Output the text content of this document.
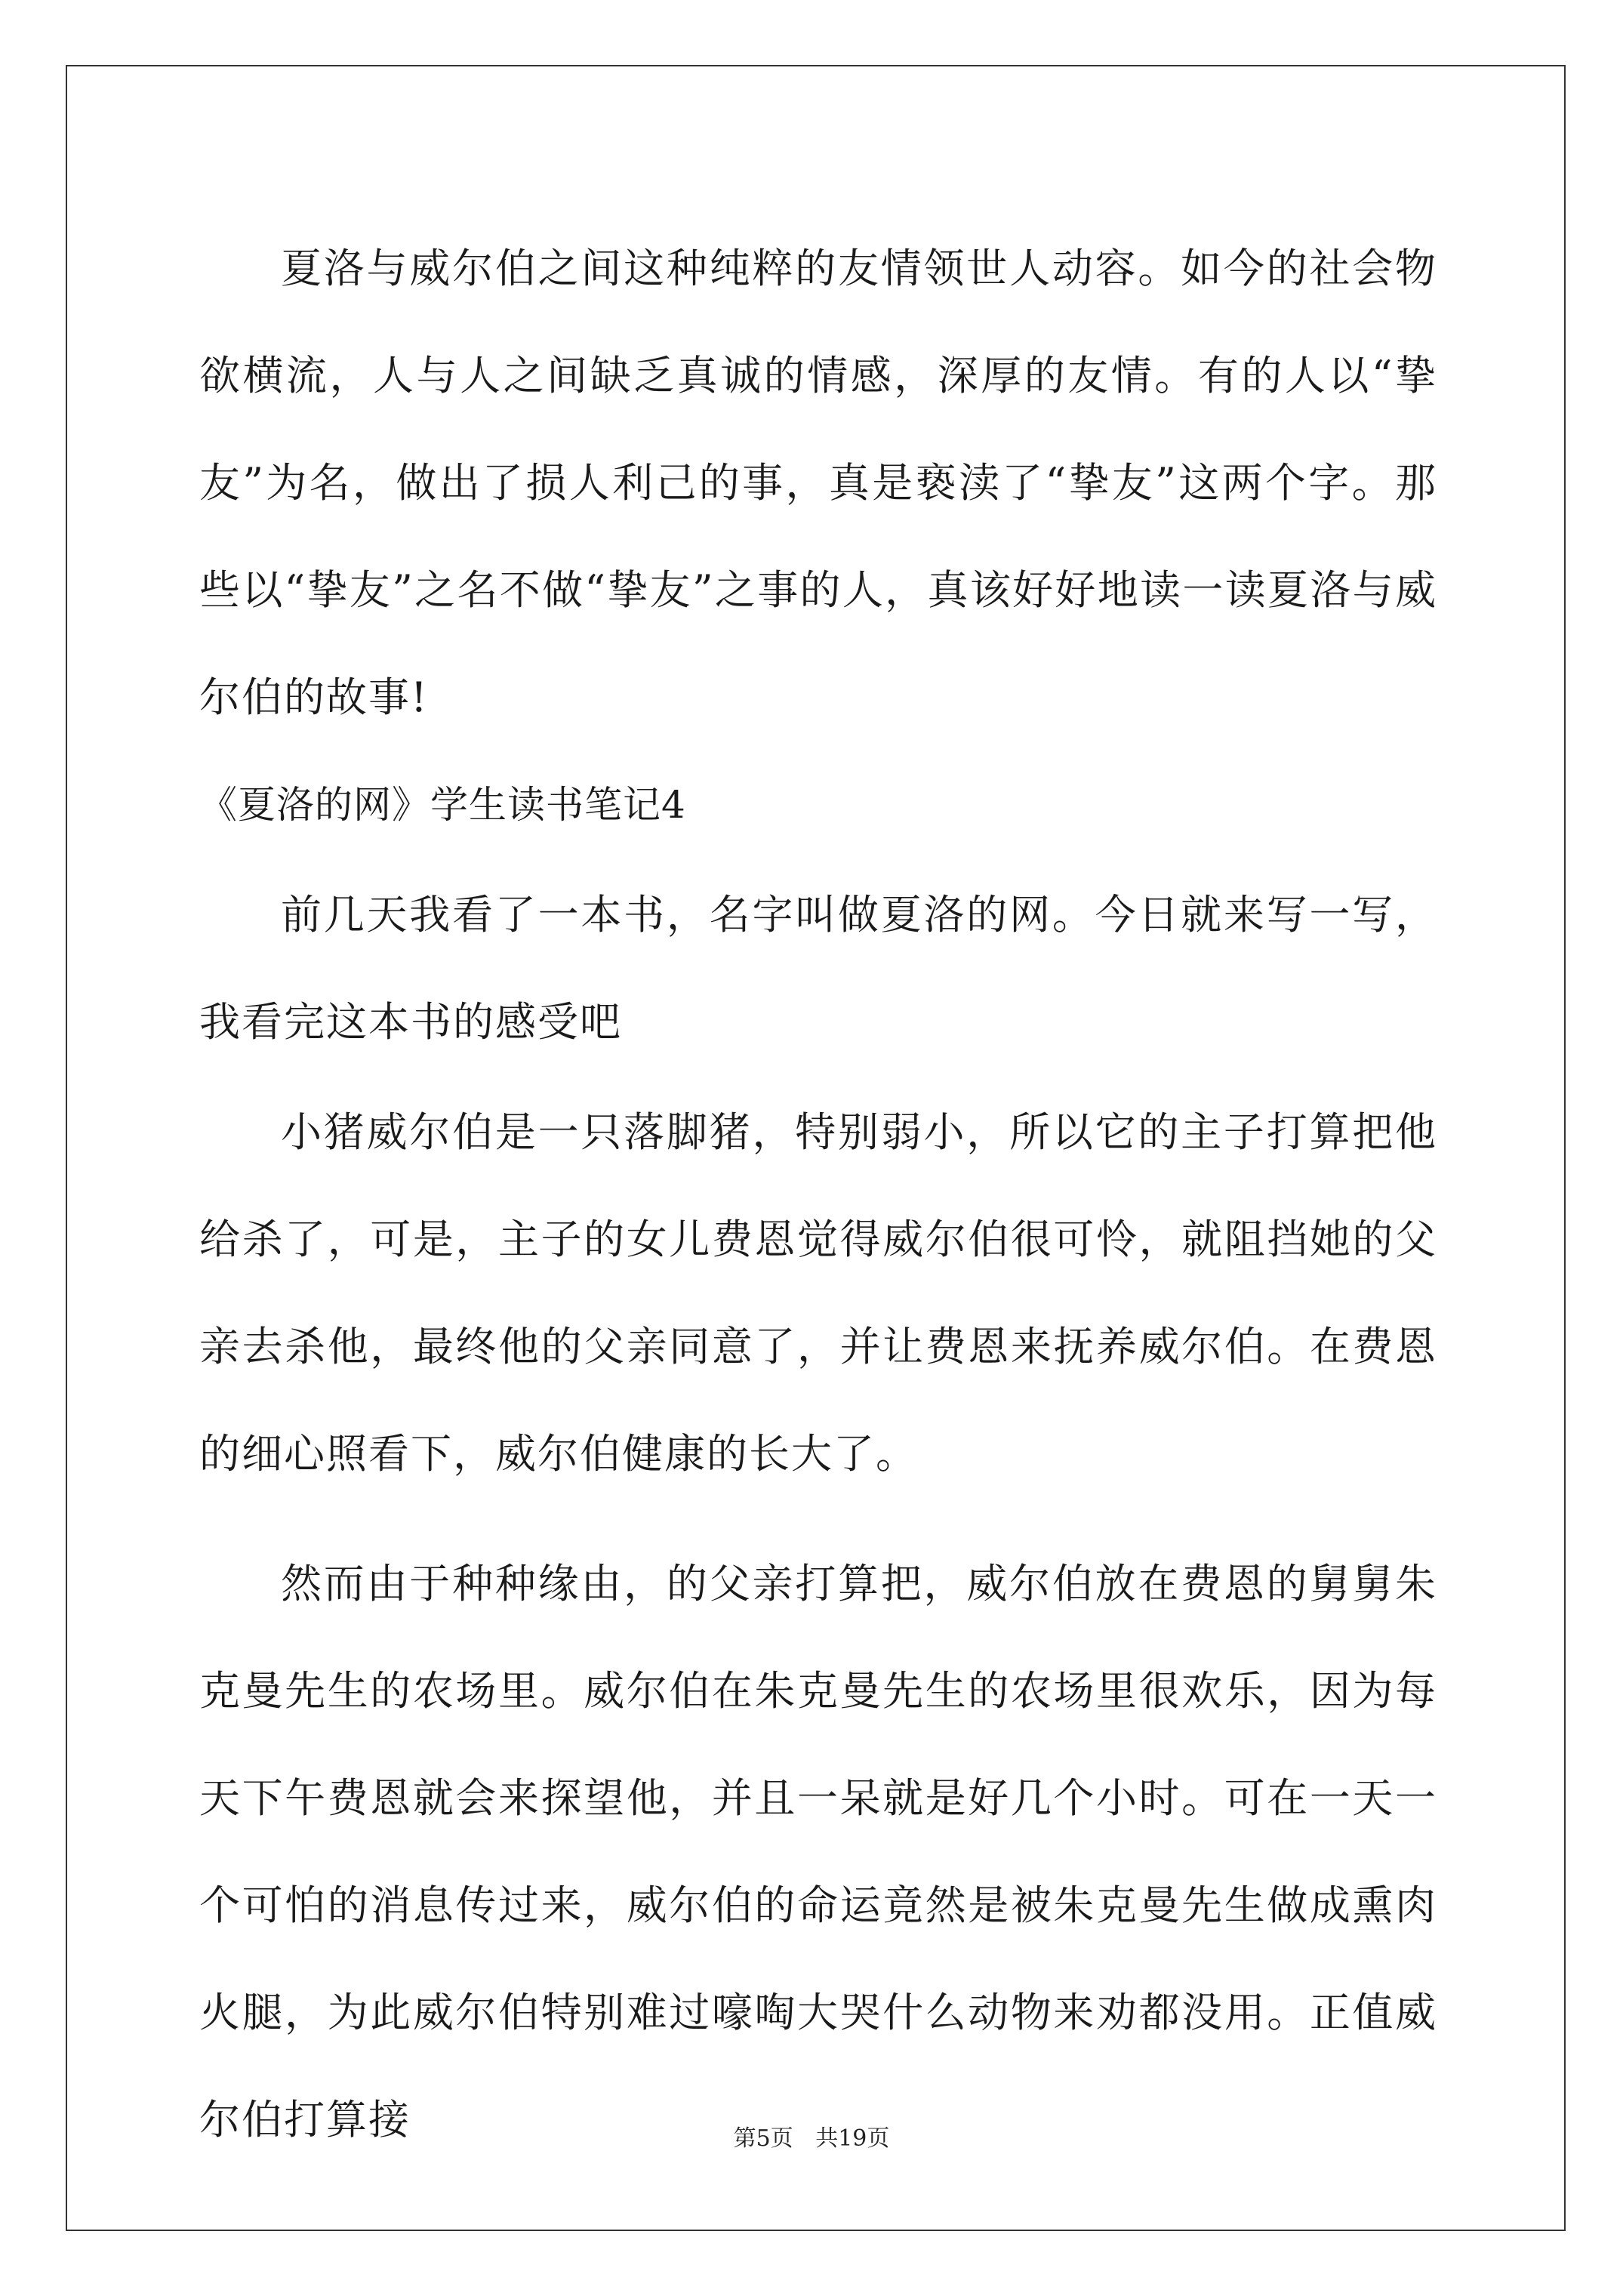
夏洛与威尔伯之间这种纯粹的友情领世人动容。如今的社会物欲横流，人与人之间缺乏真诚的情感，深厚的友情。有的人以“挚友”为名，做出了损人利己的事，真是亵渎了“挚友”这两个字。那些以“挚友”之名不做“挚友”之事的人，真该好好地读一读夏洛与威尔伯的故事!

《夏洛的网》学生读书笔记4

前几天我看了一本书，名字叫做夏洛的网。今日就来写一写，我看完这本书的感受吧

小猪威尔伯是一只落脚猪，特别弱小，所以它的主子打算把他给杀了，可是，主子的女儿费恩觉得威尔伯很可怜，就阻挡她的父亲去杀他，最终他的父亲同意了，并让费恩来抚养威尔伯。在费恩的细心照看下，威尔伯健康的长大了。

然而由于种种缘由，的父亲打算把，威尔伯放在费恩的舅舅朱克曼先生的农场里。威尔伯在朱克曼先生的农场里很欢乐，因为每天下午费恩就会来探望他，并且一呆就是好几个小时。可在一天一个可怕的消息传过来，威尔伯的命运竟然是被朱克曼先生做成熏肉火腿，为此威尔伯特别难过嚎啕大哭什么动物来劝都没用。正值威尔伯打算接	第5页 共19页
